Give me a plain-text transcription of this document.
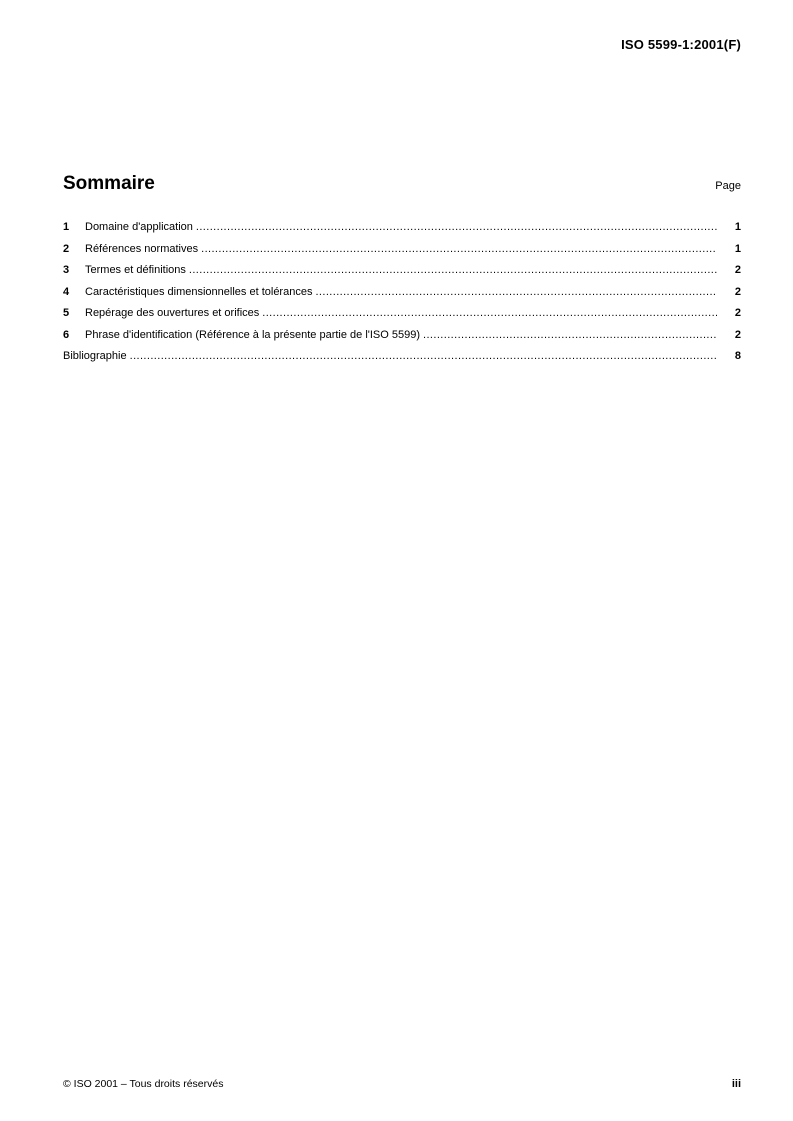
ISO 5599-1:2001(F)
Sommaire	Page
1	Domaine d'application .....	1
2	Références normatives .....	1
3	Termes et définitions .....	2
4	Caractéristiques dimensionnelles et tolérances .....	2
5	Repérage des ouvertures et orifices .....	2
6	Phrase d'identification (Référence à la présente partie de l'ISO 5599) .....	2
Bibliographie .....	8
© ISO 2001 – Tous droits réservés	iii
